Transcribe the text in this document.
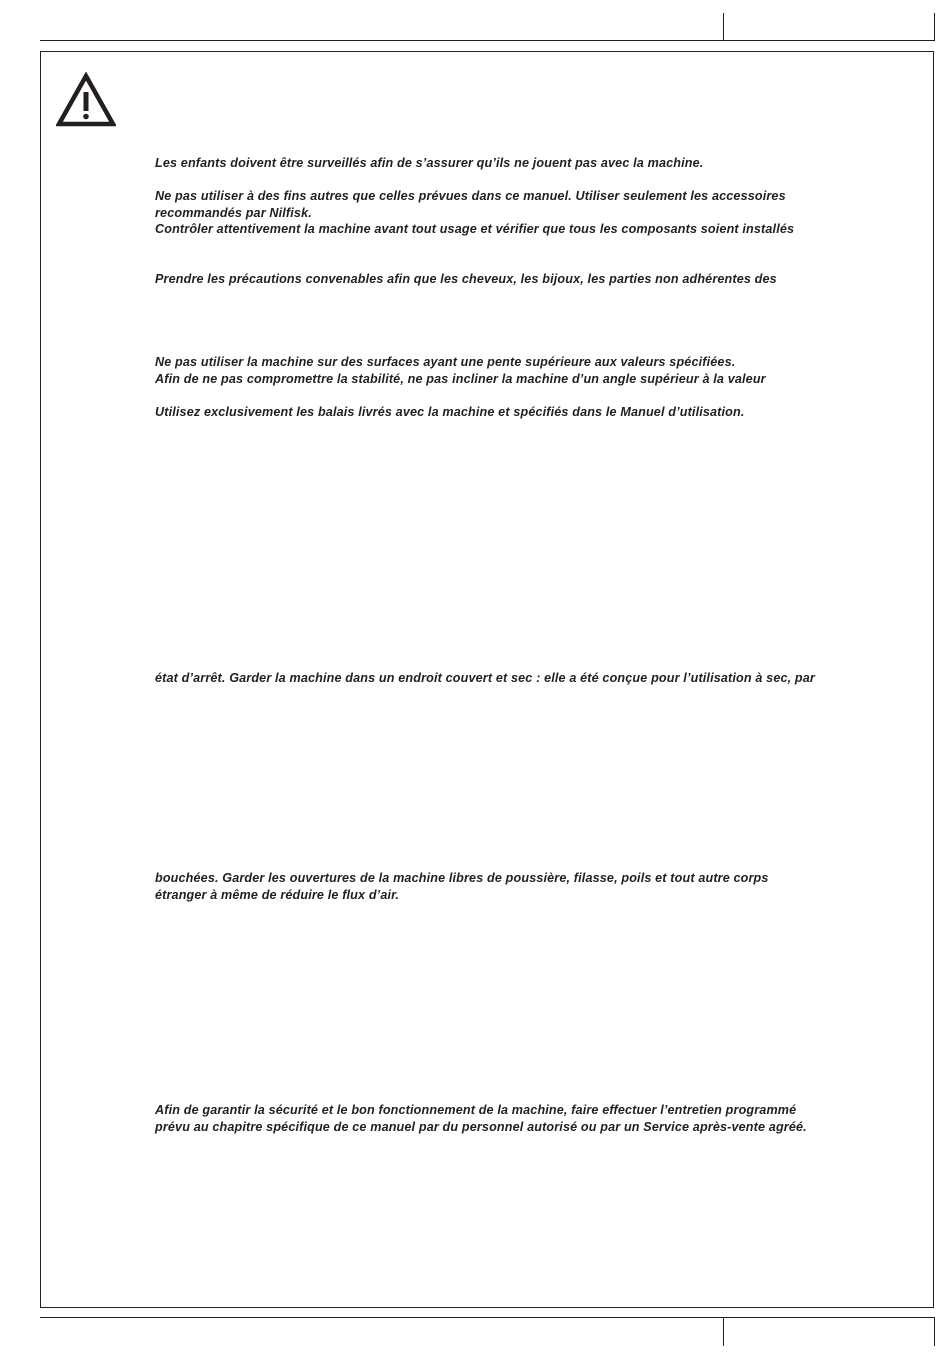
Les enfants doivent être surveillés afin de s’assurer qu’ils ne jouent pas avec la machine.
Ne pas utiliser à des fins autres que celles prévues dans ce manuel. Utiliser seulement les accessoires
recommandés par Nilfisk.
Contrôler attentivement la machine avant tout usage et vérifier que tous les composants soient installés
Prendre les précautions convenables afin que les cheveux, les bijoux, les parties non adhérentes des
Ne pas utiliser la machine sur des surfaces ayant une pente supérieure aux valeurs spécifiées.
Afin de ne pas compromettre la stabilité, ne pas incliner la machine d’un angle supérieur à la valeur
Utilisez exclusivement les balais livrés avec la machine et spécifiés dans le Manuel d’utilisation.
état d’arrêt. Garder la machine dans un endroit couvert et sec : elle a été conçue pour l’utilisation à sec, par
bouchées. Garder les ouvertures de la machine libres de poussière, filasse, poils et tout autre corps
étranger à même de réduire le flux d’air.
Afin de garantir la sécurité et le bon fonctionnement de la machine, faire effectuer l’entretien programmé
prévu au chapitre spécifique de ce manuel par du personnel autorisé ou par un Service après-vente agréé.
